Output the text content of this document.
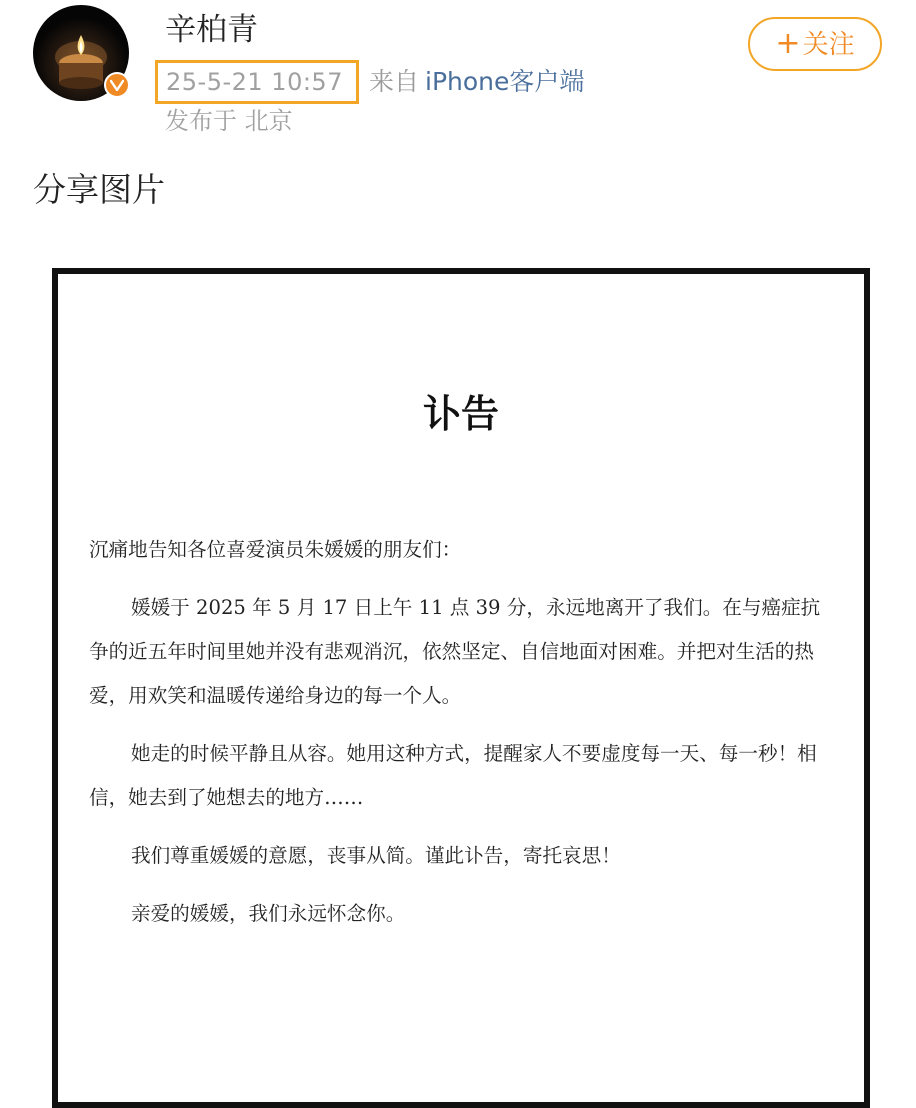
辛柏青
25-5-21 10:57	来自 iPhone客户端
发布于 北京
+关注
分享图片
讣告

沉痛地告知各位喜爱演员朱媛媛的朋友们：

媛媛于 2025 年 5 月 17 日上午 11 点 39 分，永远地离开了我们。在与癌症抗争的近五年时间里她并没有悲观消沉，依然坚定、自信地面对困难。并把对生活的热爱，用欢笑和温暖传递给身边的每一个人。

她走的时候平静且从容。她用这种方式，提醒家人不要虚度每一天、每一秒！相信，她去到了她想去的地方……

我们尊重媛媛的意愿，丧事从简。谨此讣告，寄托哀思！

亲爱的媛媛，我们永远怀念你。
